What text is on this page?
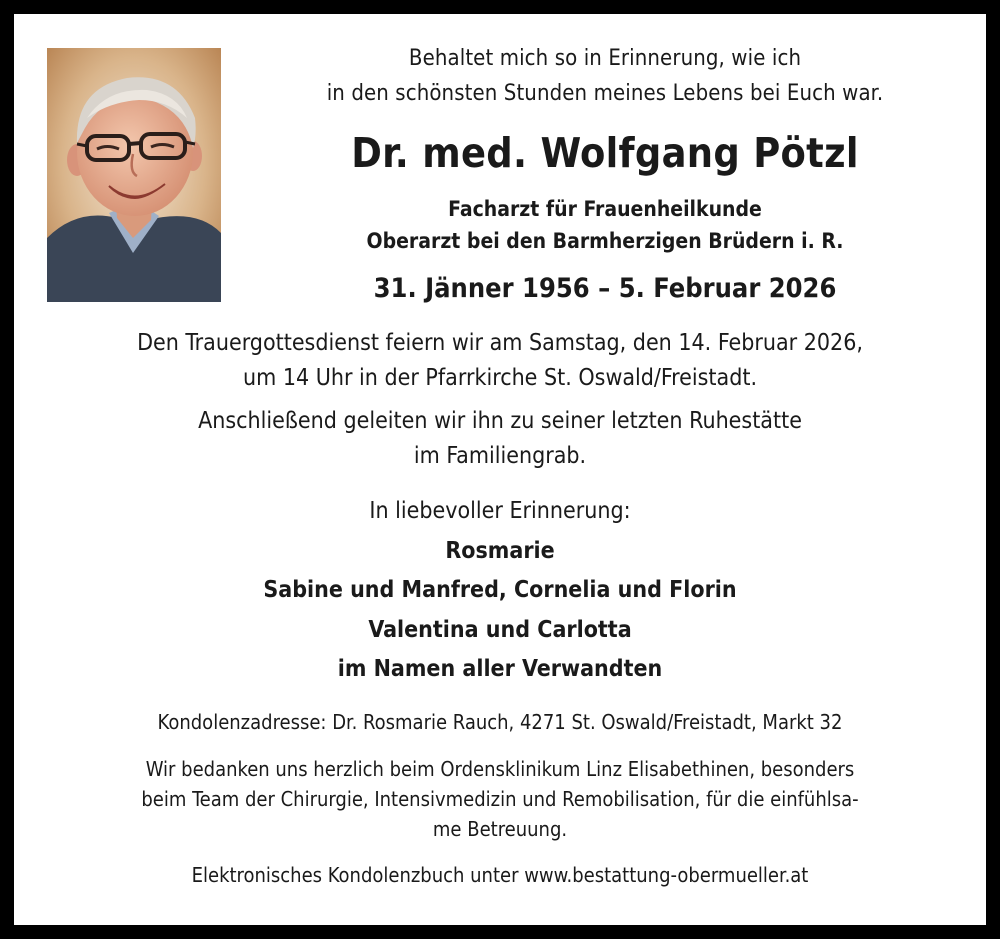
Behaltet mich so in Erinnerung, wie ich
in den schönsten Stunden meines Lebens bei Euch war.
Dr. med. Wolfgang Pötzl
Facharzt für Frauenheilkunde
Oberarzt bei den Barmherzigen Brüdern i. R.
31. Jänner 1956 – 5. Februar 2026
Den Trauergottesdienst feiern wir am Samstag, den 14. Februar 2026,
um 14 Uhr in der Pfarrkirche St. Oswald/Freistadt.
Anschließend geleiten wir ihn zu seiner letzten Ruhestätte
im Familiengrab.
In liebevoller Erinnerung:
Rosmarie
Sabine und Manfred, Cornelia und Florin
Valentina und Carlotta
im Namen aller Verwandten
Kondolenzadresse: Dr. Rosmarie Rauch, 4271 St. Oswald/Freistadt, Markt 32
Wir bedanken uns herzlich beim Ordensklinikum Linz Elisabethinen, besonders
beim Team der Chirurgie, Intensivmedizin und Remobilisation, für die einfühlsa-
me Betreuung.
Elektronisches Kondolenzbuch unter www.bestattung-obermueller.at
